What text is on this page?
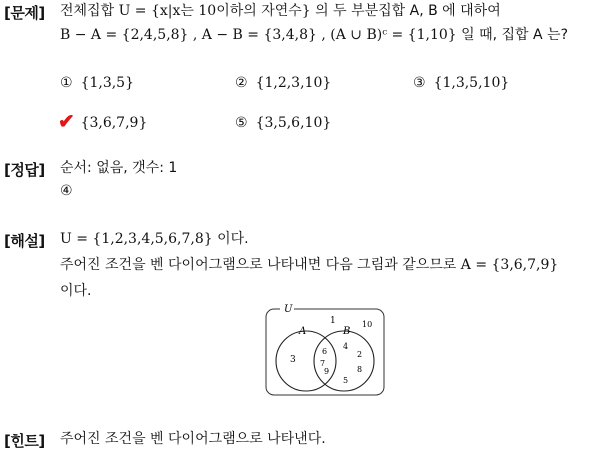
[문제] 전체집합 U = {x|x는 10이하의 자연수} 의 두 부분집합 A, B 에 대하여
B − A = {2,4,5,8} , A − B = {3,4,8} , (A ∪ B)ᶜ = {1,10} 일 때, 집합 A 는?
① {1,3,5}	② {1,2,3,10}	③ {1,3,5,10}
✔ {3,6,7,9}	⑤ {3,5,6,10}
[정답] 순서: 없음, 갯수: 1
④
[해설] U = {1,2,3,4,5,6,7,8} 이다.
주어진 조건을 벤 다이어그램으로 나타내면 다음 그림과 같으므로 A = {3,6,7,9}
이다.
U
A	B
1	10
3
6
7
9
4
2
8
5
[힌트] 주어진 조건을 벤 다이어그램으로 나타낸다.
